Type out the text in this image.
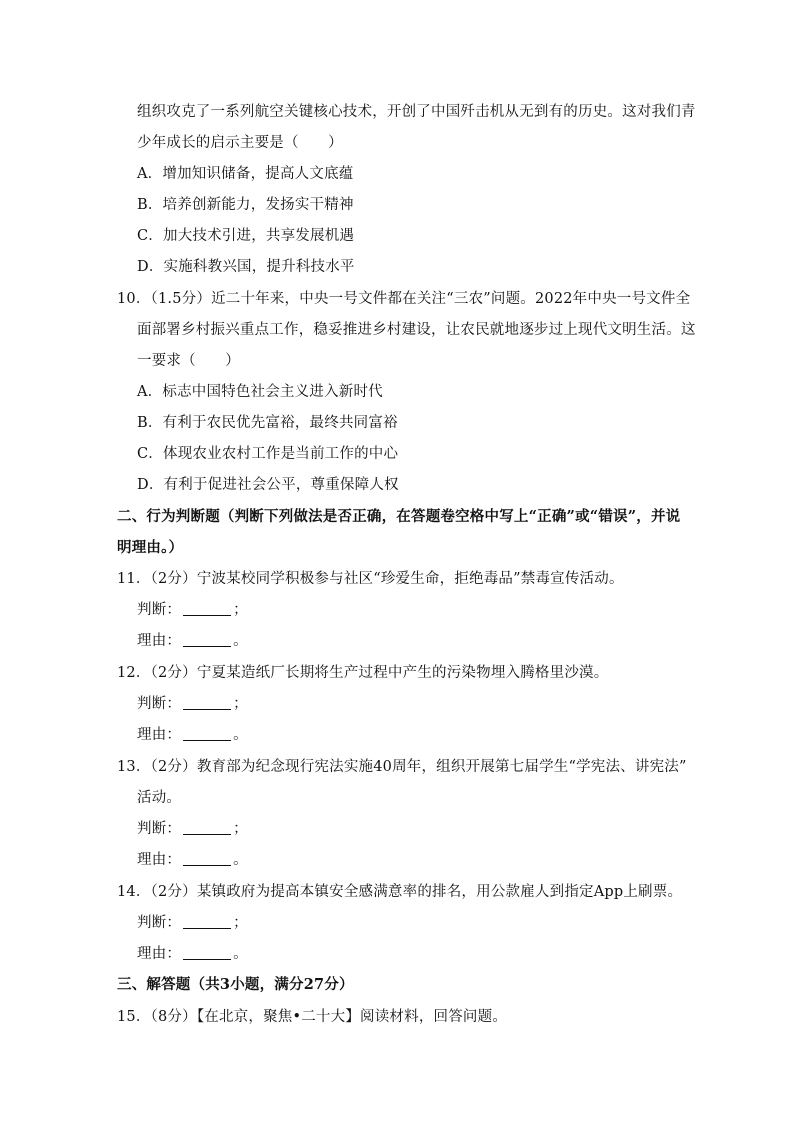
组织攻克了一系列航空关键核心技术，开创了中国歼击机从无到有的历史。这对我们青
少年成长的启示主要是（　　）
A．增加知识储备，提高人文底蕴
B．培养创新能力，发扬实干精神
C．加大技术引进，共享发展机遇
D．实施科教兴国，提升科技水平
10．（1.5分）近二十年来，中央一号文件都在关注“三农”问题。2022年中央一号文件全
面部署乡村振兴重点工作，稳妥推进乡村建设，让农民就地逐步过上现代文明生活。这
一要求（　　）
A．标志中国特色社会主义进入新时代
B．有利于农民优先富裕，最终共同富裕
C．体现农业农村工作是当前工作的中心
D．有利于促进社会公平，尊重保障人权
二、行为判断题（判断下列做法是否正确，在答题卷空格中写上“正确”或“错误”，并说
明理由。）
11．（2分）宁波某校同学积极参与社区“珍爱生命，拒绝毒品”禁毒宣传活动。
判断：	；
理由：	。
12．（2分）宁夏某造纸厂长期将生产过程中产生的污染物埋入腾格里沙漠。
判断：	；
理由：	。
13．（2分）教育部为纪念现行宪法实施40周年，组织开展第七届学生“学宪法、讲宪法”
活动。
判断：	；
理由：	。
14．（2分）某镇政府为提高本镇安全感满意率的排名，用公款雇人到指定App上刷票。
判断：	；
理由：	。
三、解答题（共3小题，满分27分）
15．（8分）【在北京，聚焦•二十大】阅读材料，回答问题。
